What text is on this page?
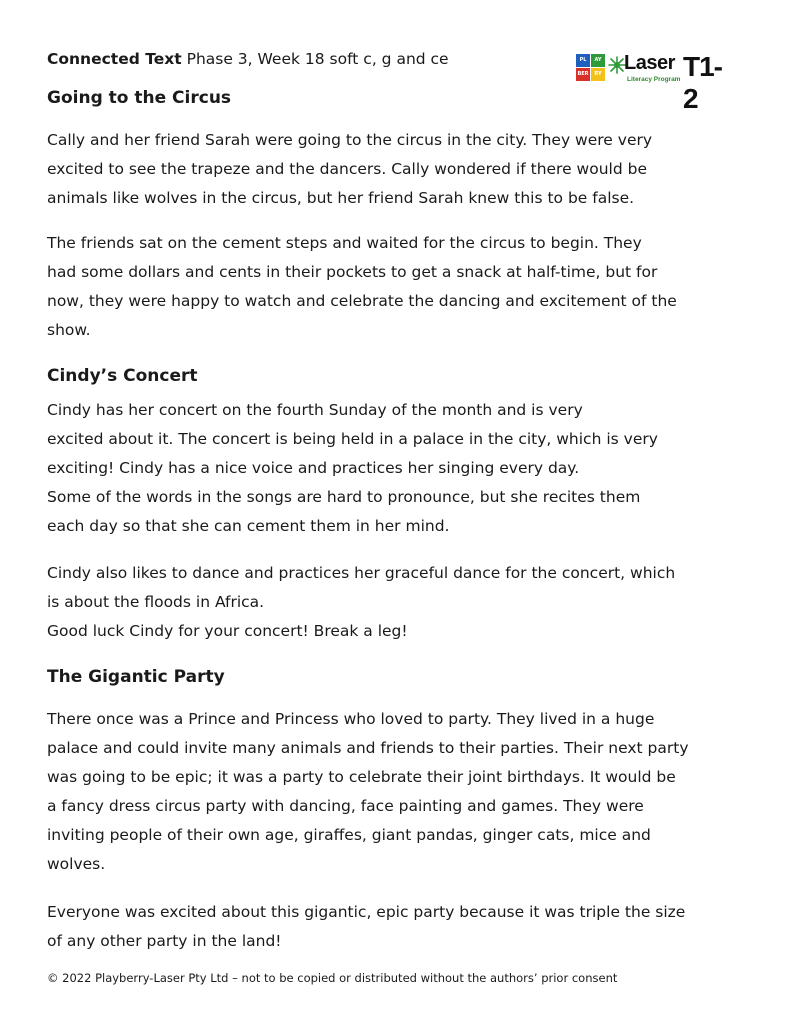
Connected Text Phase 3, Week 18 soft c, g and ce	PL	AY
BER	RY Laser
Literacy Program T1-2
Going to the Circus
Cally and her friend Sarah were going to the circus in the city. They were very
excited to see the trapeze and the dancers. Cally wondered if there would be
animals like wolves in the circus, but her friend Sarah knew this to be false.
The friends sat on the cement steps and waited for the circus to begin. They
had some dollars and cents in their pockets to get a snack at half-time, but for
now, they were happy to watch and celebrate the dancing and excitement of the
show.
Cindy’s Concert
Cindy has her concert on the fourth Sunday of the month and is very
excited about it. The concert is being held in a palace in the city, which is very
exciting! Cindy has a nice voice and practices her singing every day.
Some of the words in the songs are hard to pronounce, but she recites them
each day so that she can cement them in her mind.
Cindy also likes to dance and practices her graceful dance for the concert, which
is about the floods in Africa.
Good luck Cindy for your concert! Break a leg!
The Gigantic Party
There once was a Prince and Princess who loved to party. They lived in a huge
palace and could invite many animals and friends to their parties. Their next party
was going to be epic; it was a party to celebrate their joint birthdays. It would be
a fancy dress circus party with dancing, face painting and games. They were
inviting people of their own age, giraffes, giant pandas, ginger cats, mice and
wolves.
Everyone was excited about this gigantic, epic party because it was triple the size
of any other party in the land!
© 2022 Playberry-Laser Pty Ltd – not to be copied or distributed without the authors’ prior consent
